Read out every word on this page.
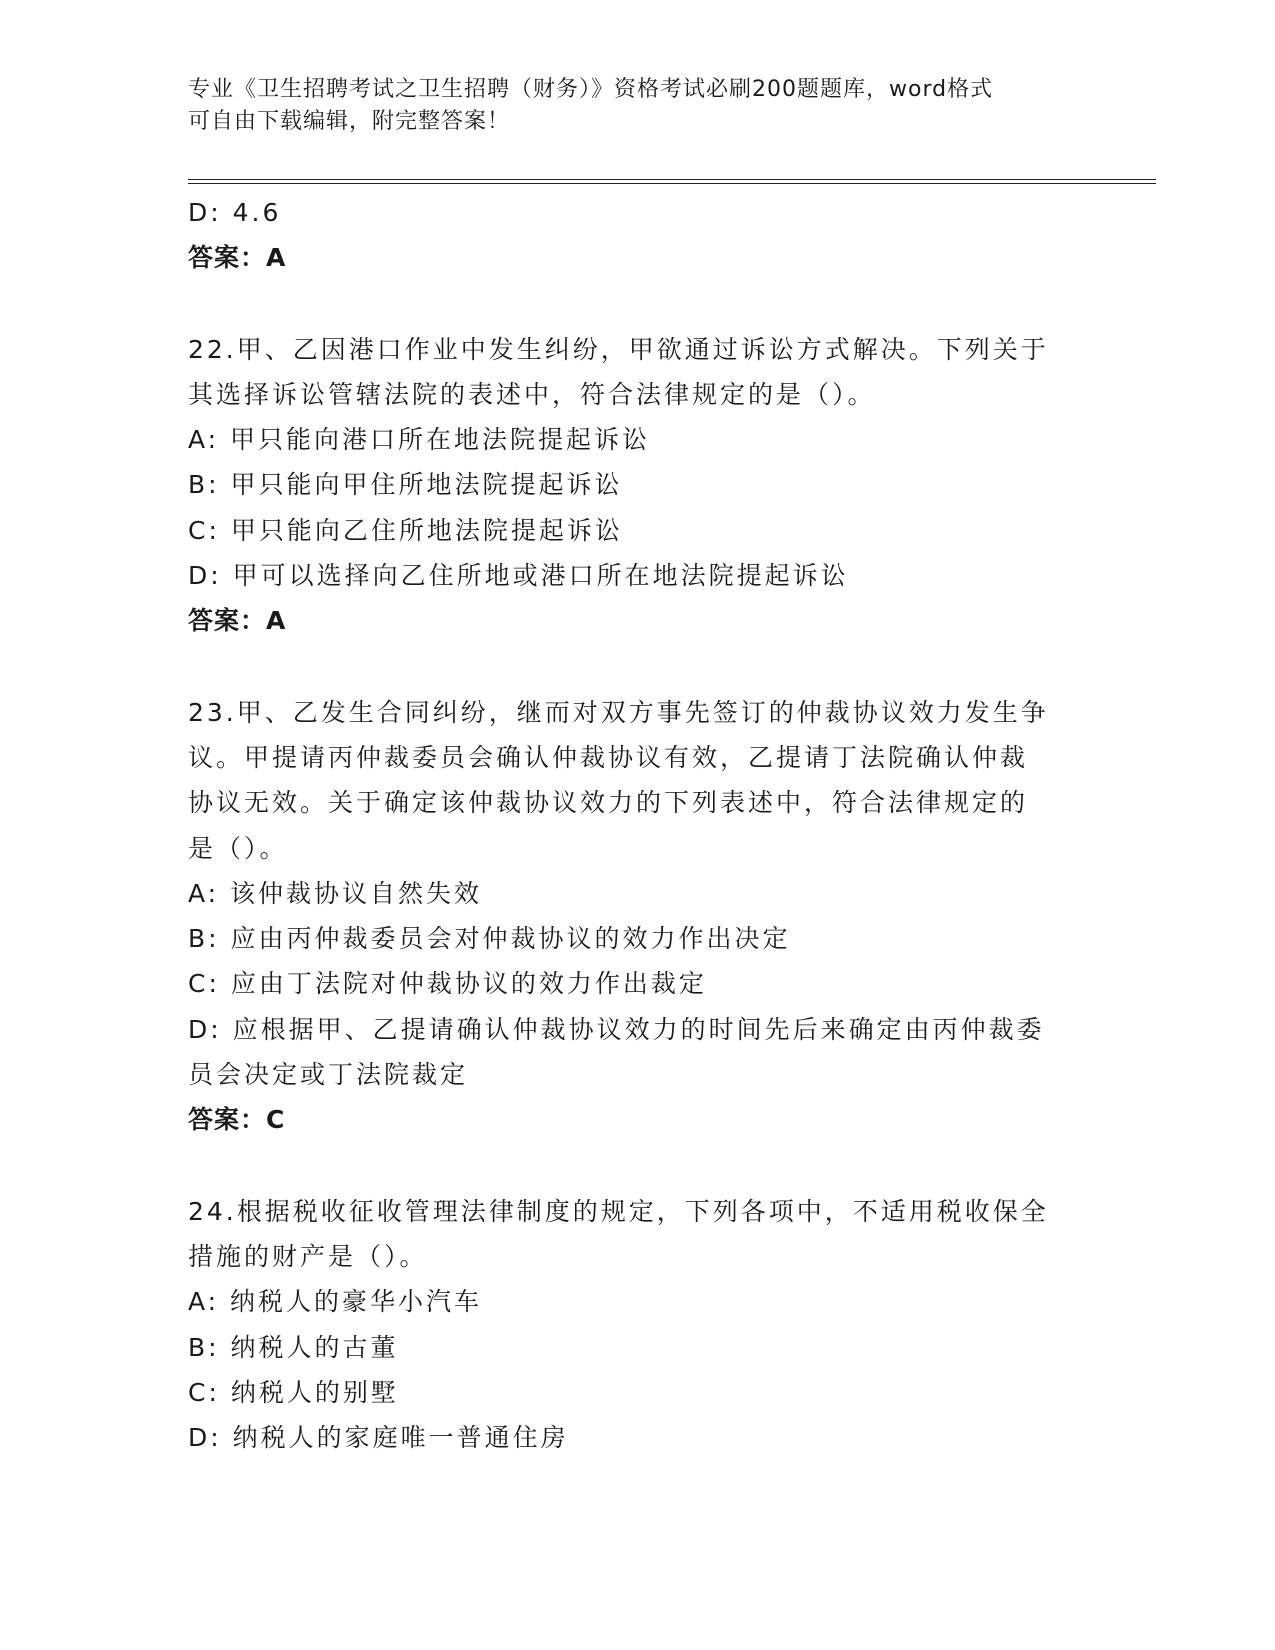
专业《卫生招聘考试之卫生招聘（财务）》资格考试必刷200题题库，word格式
可自由下载编辑，附完整答案！
D: 4.6
答案：A
22.甲、乙因港口作业中发生纠纷，甲欲通过诉讼方式解决。下列关于
其选择诉讼管辖法院的表述中，符合法律规定的是（）。
A: 甲只能向港口所在地法院提起诉讼
B: 甲只能向甲住所地法院提起诉讼
C: 甲只能向乙住所地法院提起诉讼
D: 甲可以选择向乙住所地或港口所在地法院提起诉讼
答案：A
23.甲、乙发生合同纠纷，继而对双方事先签订的仲裁协议效力发生争
议。甲提请丙仲裁委员会确认仲裁协议有效，乙提请丁法院确认仲裁
协议无效。关于确定该仲裁协议效力的下列表述中，符合法律规定的
是（）。
A: 该仲裁协议自然失效
B: 应由丙仲裁委员会对仲裁协议的效力作出决定
C: 应由丁法院对仲裁协议的效力作出裁定
D: 应根据甲、乙提请确认仲裁协议效力的时间先后来确定由丙仲裁委
员会决定或丁法院裁定
答案：C
24.根据税收征收管理法律制度的规定，下列各项中，不适用税收保全
措施的财产是（）。
A: 纳税人的豪华小汽车
B: 纳税人的古董
C: 纳税人的别墅
D: 纳税人的家庭唯一普通住房
